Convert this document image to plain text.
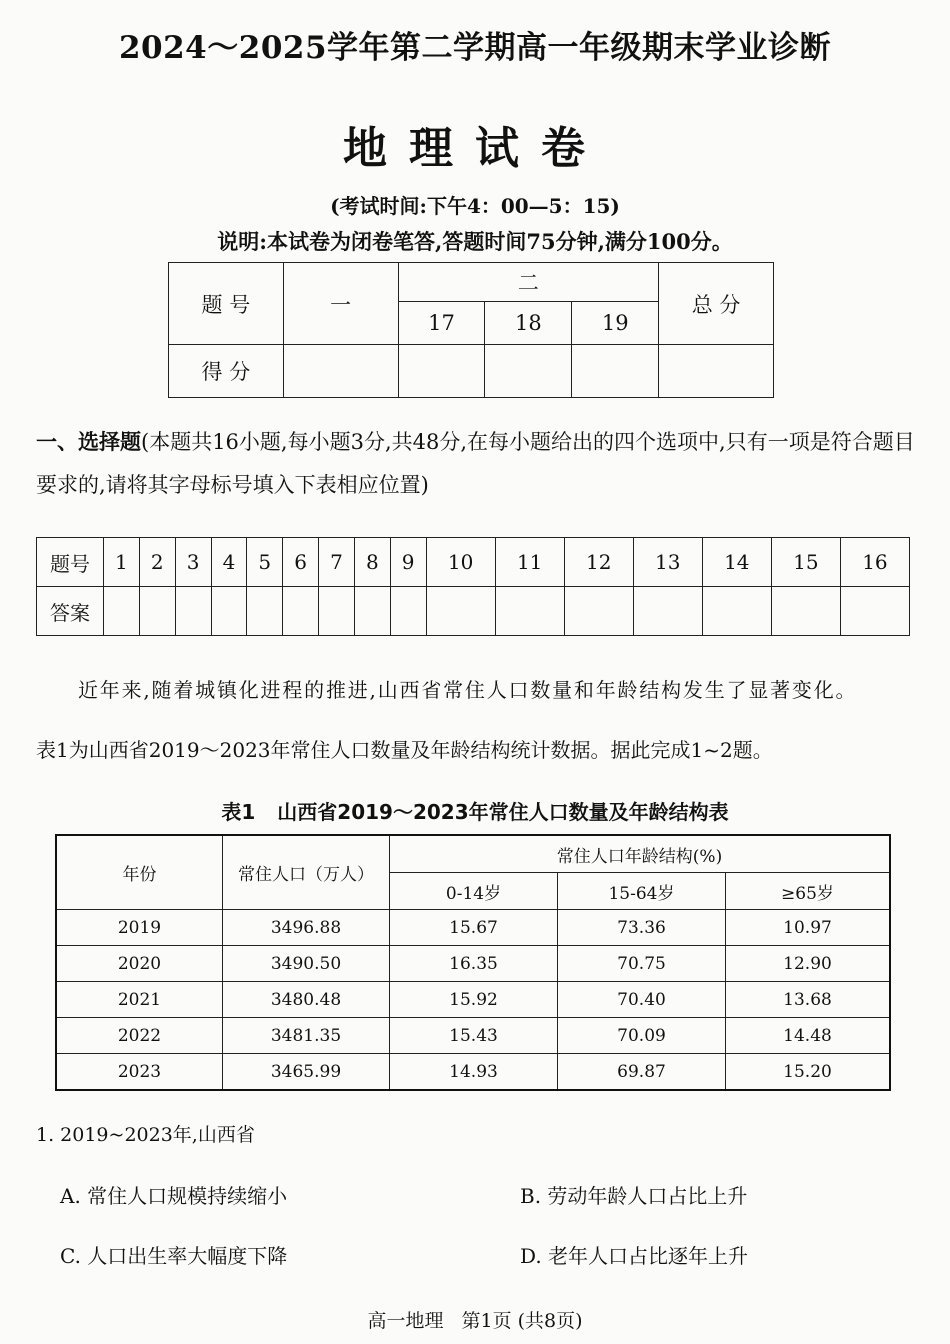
2024～2025学年第二学期高一年级期末学业诊断
地理试卷
(考试时间:下午4：00—5：15)
说明:本试卷为闭卷笔答,答题时间75分钟,满分100分。
题 号	一	二			总 分
		17	18	19	
得 分					
一、选择题(本题共16小题,每小题3分,共48分,在每小题给出的四个选项中,只有一项是符合题目要求的,请将其字母标号填入下表相应位置)
题号	1	2	3	4	5	6	7	8	9	10	11	12	13	14	15	16
答案																
近年来,随着城镇化进程的推进,山西省常住人口数量和年龄结构发生了显著变化。
表1为山西省2019～2023年常住人口数量及年龄结构统计数据。据此完成1~2题。
表1 山西省2019～2023年常住人口数量及年龄结构表
年份	常住人口（万人）	常住人口年龄结构(%)		
		0-14岁	15-64岁	≥65岁
2019	3496.88	15.67	73.36	10.97
2020	3490.50	16.35	70.75	12.90
2021	3480.48	15.92	70.40	13.68
2022	3481.35	15.43	70.09	14.48
2023	3465.99	14.93	69.87	15.20
1. 2019~2023年,山西省
A. 常住人口规模持续缩小	B. 劳动年龄人口占比上升
C. 人口出生率大幅度下降	D. 老年人口占比逐年上升
高一地理 第1页 (共8页)
